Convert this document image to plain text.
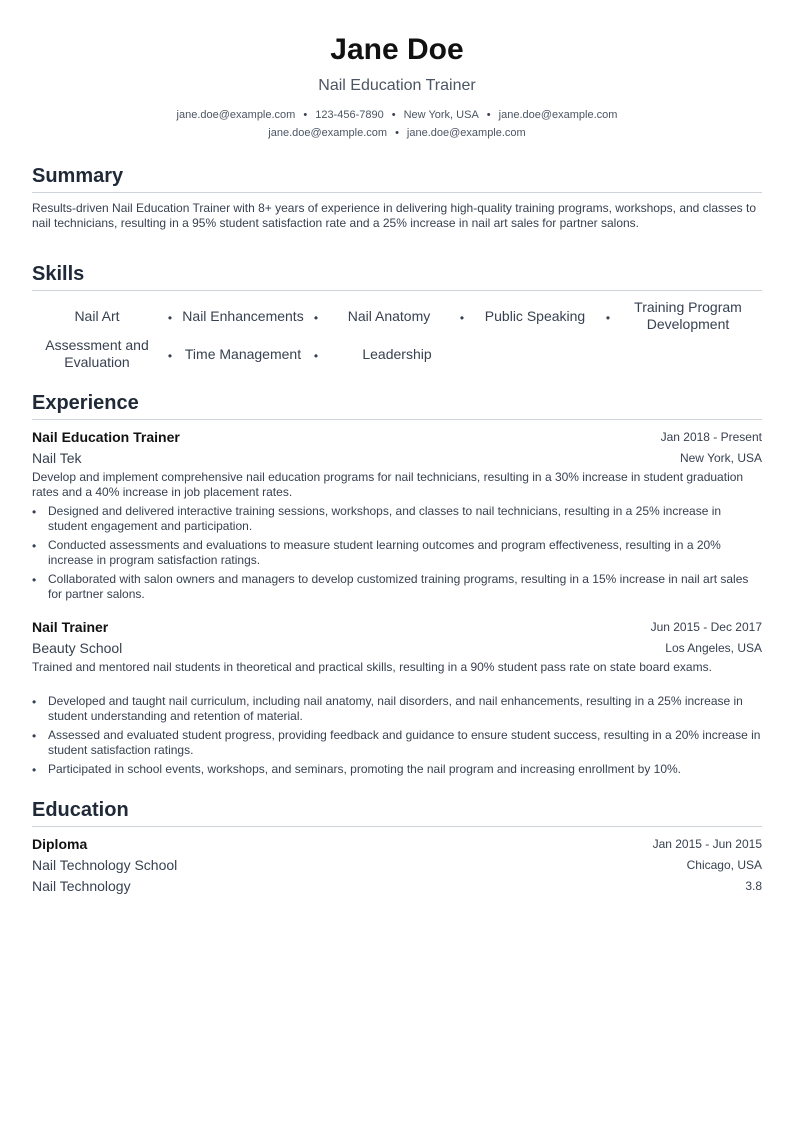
Jane Doe
Nail Education Trainer
jane.doe@example.com • 123-456-7890 • New York, USA • jane.doe@example.com
jane.doe@example.com • jane.doe@example.com
Summary
Results-driven Nail Education Trainer with 8+ years of experience in delivering high-quality training programs, workshops, and classes to nail technicians, resulting in a 95% student satisfaction rate and a 25% increase in nail art sales for partner salons.
Skills
Nail Art	• Nail Enhancements •	Nail Anatomy	•	Public Speaking	•
Training Program Development
Assessment and Evaluation	• Time Management	•	Leadership
Experience
Nail Education Trainer	Jan 2018 - Present
Nail Tek	New York, USA
Develop and implement comprehensive nail education programs for nail technicians, resulting in a 30% increase in student graduation rates and a 40% increase in job placement rates.
• Designed and delivered interactive training sessions, workshops, and classes to nail technicians, resulting in a 25% increase in student engagement and participation.
• Conducted assessments and evaluations to measure student learning outcomes and program effectiveness, resulting in a 20% increase in program satisfaction ratings.
• Collaborated with salon owners and managers to develop customized training programs, resulting in a 15% increase in nail art sales for partner salons.
Nail Trainer	Jun 2015 - Dec 2017
Beauty School	Los Angeles, USA
Trained and mentored nail students in theoretical and practical skills, resulting in a 90% student pass rate on state board exams.
• Developed and taught nail curriculum, including nail anatomy, nail disorders, and nail enhancements, resulting in a 25% increase in student understanding and retention of material.
• Assessed and evaluated student progress, providing feedback and guidance to ensure student success, resulting in a 20% increase in student satisfaction ratings.
• Participated in school events, workshops, and seminars, promoting the nail program and increasing enrollment by 10%.
Education
Diploma	Jan 2015 - Jun 2015
Nail Technology School	Chicago, USA
Nail Technology	3.8
